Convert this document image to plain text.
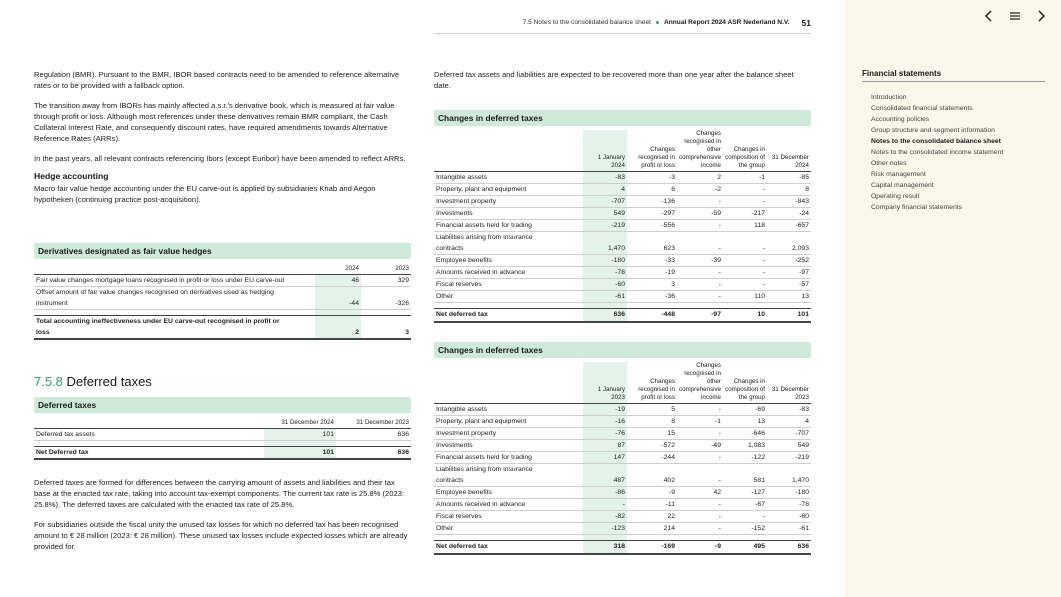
7.5 Notes to the consolidated balance sheet Annual Report 2024 ASR Nederland N.V. 51

Regulation (BMR). Pursuant to the BMR, IBOR based contracts need to be amended to reference alternative rates or to be provided with a fallback option.

The transition away from IBORs has mainly affected a.s.r.'s derivative book, which is measured at fair value through profit or loss. Although most references under these derivatives remain BMR compliant, the Cash Collateral Interest Rate, and consequently discount rates, have required amendments towards Alternative Reference Rates (ARRs).

In the past years, all relevant contracts referencing Ibors (except Euribor) have been amended to reflect ARRs.

Hedge accounting

Macro fair value hedge accounting under the EU carve-out is applied by subsidiaries Knab and Aegon hypotheken (continuing practice post-acquisition).

Derivatives designated as fair value hedges
	2024	2023
Fair value changes mortgage loans recognised in profit or loss under EU carve-out	46	329
Offset amount of fair value changes recognised on derivatives used as hedging		
instrument	-44	-326

Total accounting ineffectiveness under EU carve-out recognised in profit or		
loss	2	3
7.5.8 Deferred taxes
Deferred taxes
	31 December 2024	31 December 2023
Deferred tax assets	101	636

Net Deferred tax	101	636

Deferred taxes are formed for differences between the carrying amount of assets and liabilities and their tax base at the enacted tax rate, taking into account tax-exempt components. The current tax rate is 25.8% (2023: 25.8%). The deferred taxes are calculated with the enacted tax rate of 25.8%.

For subsidiaries outside the fiscal unity the unused tax losses for which no deferred tax has been recognised amount to € 28 million (2023: € 28 million). These unused tax losses include expected losses which are already provided for.

Deferred tax assets and liabilities are expected to be recovered more than one year after the balance sheet date.

Changes in deferred taxes
	1 January 2024	Changes recognised in profit or loss	Changes recognised in other comprehensive income	Changes in composition of the group	31 December 2024
Intangible assets	-83	-3	2	-1	-85
Property, plant and equipment	4	6	-2	-	8
Investment property	-707	-136	-	-	-843
Investments	549	-297	-59	-217	-24
Financial assets held for trading	-219	-556	-	118	-657
Liabilities arising from insurance					
contracts	1,470	623	-	-	2,093
Employee benefits	-180	-33	-39	-	-252
Amounts received in advance	-78	-19	-	-	-97
Fiscal reserves	-60	3	-	-	-57
Other	-61	-36	-	110	13

Net deferred tax	636	-448	-97	10	101
Changes in deferred taxes
	1 January 2023	Changes recognised in profit or loss	Changes recognised in other comprehensive income	Changes in composition of the group	31 December 2023
Intangible assets	-19	5	-	-69	-83
Property, plant and equipment	-16	8	-1	13	4
Investment property	-76	15	-	-646	-707
Investments	87	-572	-49	1,083	549
Financial assets held for trading	147	-244	-	-122	-219
Liabilities arising from insurance					
contracts	487	402	-	581	1,470
Employee benefits	-86	-9	42	-127	-180
Amounts received in advance	-	-11	-	-67	-78
Fiscal reserves	-82	22	-	-	-60
Other	-123	214	-	-152	-61

Net deferred tax	318	-169	-9	495	636
Financial statements
Introduction
Consolidated financial statements
Accounting policies
Group structure and segment information
Notes to the consolidated balance sheet
Notes to the consolidated income statement
Other notes
Risk management
Capital management
Operating result
Company financial statements
